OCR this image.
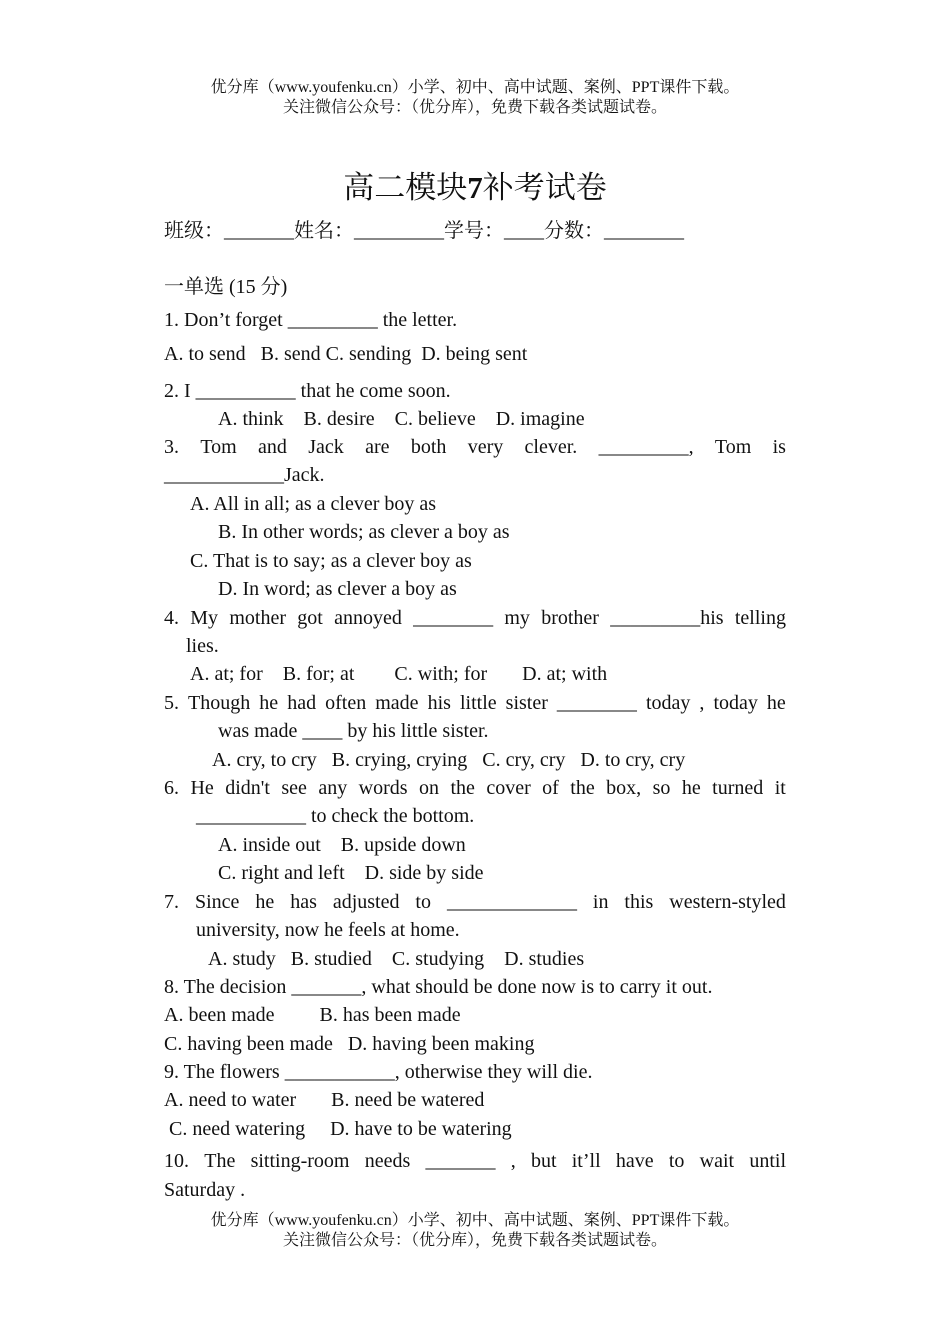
优分库（www.youfenku.cn）小学、初中、高中试题、案例、PPT课件下载。
关注微信公众号：（优分库），免费下载各类试题试卷。
高二模块7补考试卷
班级：_______姓名：_________学号：____分数：________
一单选 (15 分)
1. Don’t forget _________ the letter.
A. to send   B. send C. sending  D. being sent
2. I __________ that he come soon.
A. think    B. desire    C. believe    D. imagine
3. Tom and Jack are both very clever. _________, Tom is
____________Jack.
A. All in all; as a clever boy as
B. In other words; as clever a boy as
C. That is to say; as a clever boy as
D. In word; as clever a boy as
4. My mother got annoyed ________ my brother _________his telling
lies.
A. at; for    B. for; at        C. with; for       D. at; with
5. Though he had often made his little sister ________ today , today he
was made ____ by his little sister.
A. cry, to cry   B. crying, crying   C. cry, cry   D. to cry, cry
6. He didn't see any words on the cover of the box, so he turned it
___________ to check the bottom.
A. inside out    B. upside down
C. right and left    D. side by side
7. Since he has adjusted to _____________ in this western-styled
university, now he feels at home.
A. study   B. studied    C. studying    D. studies
8. The decision _______, what should be done now is to carry it out.
A. been made         B. has been made
C. having been made   D. having been making
9. The flowers ___________, otherwise they will die.
A. need to water       B. need be watered
C. need watering     D. have to be watering
10. The sitting-room needs _______ , but it’ll have to wait until
Saturday .
优分库（www.youfenku.cn）小学、初中、高中试题、案例、PPT课件下载。
关注微信公众号：（优分库），免费下载各类试题试卷。
